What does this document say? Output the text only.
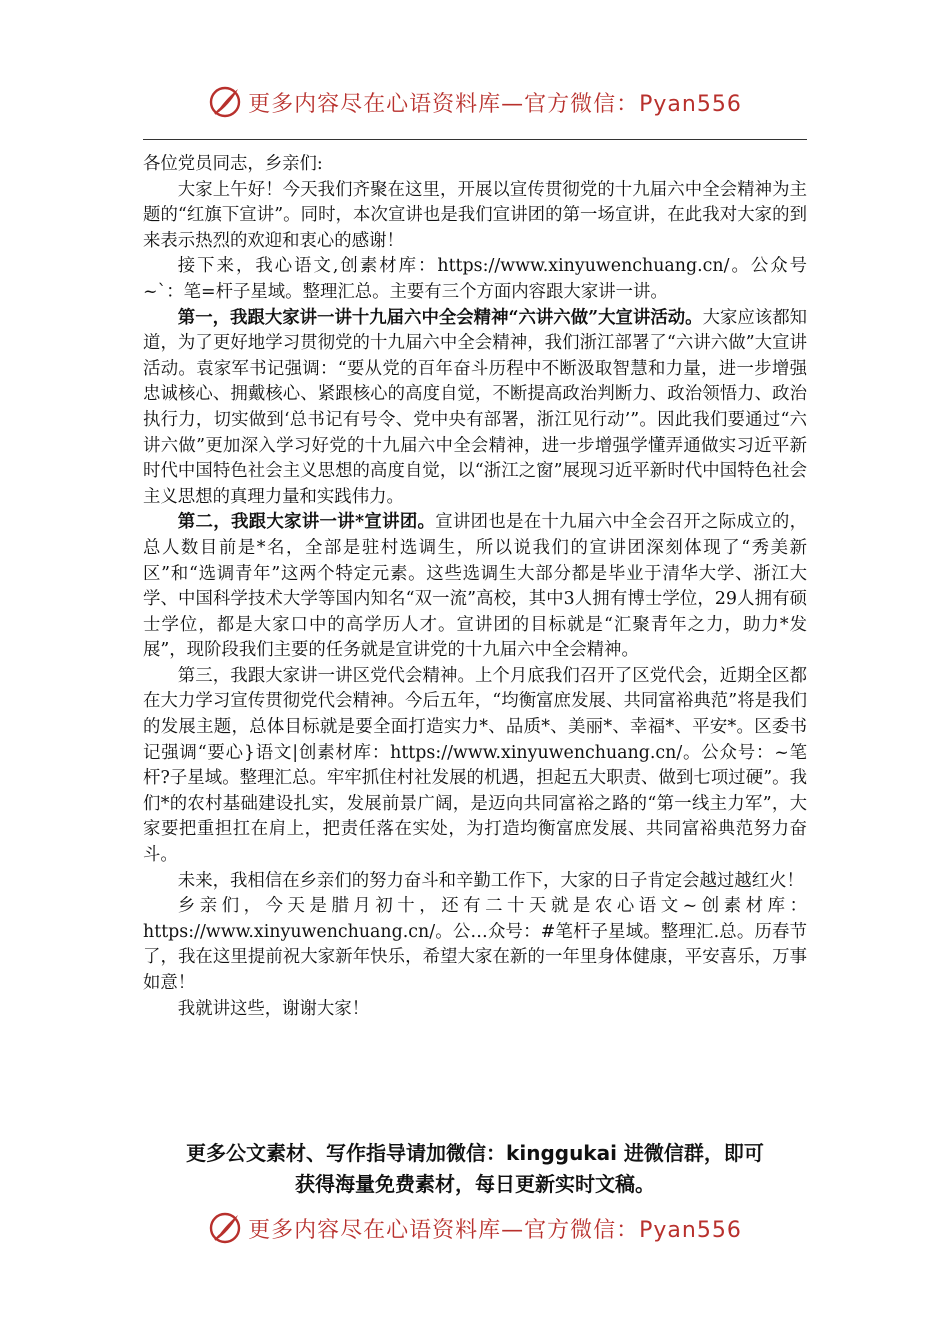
更多内容尽在心语资料库—官方微信：Pyan556

各位党员同志，乡亲们:

大家上午好！今天我们齐聚在这里，开展以宣传贯彻党的十九届六中全会精神为主题的“红旗下宣讲”。同时，本次宣讲也是我们宣讲团的第一场宣讲，在此我对大家的到来表示热烈的欢迎和衷心的感谢！

接下来，我心语文,创素材库：https://www.xinyuwenchuang.cn/。公众号~`：笔=杆子星域。整理汇总。主要有三个方面内容跟大家讲一讲。

第一，我跟大家讲一讲十九届六中全会精神“六讲六做”大宣讲活动。大家应该都知道，为了更好地学习贯彻党的十九届六中全会精神，我们浙江部署了“六讲六做”大宣讲活动。袁家军书记强调：“要从党的百年奋斗历程中不断汲取智慧和力量，进一步增强忠诚核心、拥戴核心、紧跟核心的高度自觉，不断提高政治判断力、政治领悟力、政治执行力，切实做到‘总书记有号令、党中央有部署，浙江见行动’”。因此我们要通过“六讲六做”更加深入学习好党的十九届六中全会精神，进一步增强学懂弄通做实习近平新时代中国特色社会主义思想的高度自觉，以“浙江之窗”展现习近平新时代中国特色社会主义思想的真理力量和实践伟力。

第二，我跟大家讲一讲*宣讲团。宣讲团也是在十九届六中全会召开之际成立的，总人数目前是*名，全部是驻村选调生，所以说我们的宣讲团深刻体现了“秀美新区”和“选调青年”这两个特定元素。这些选调生大部分都是毕业于清华大学、浙江大学、中国科学技术大学等国内知名“双一流”高校，其中3人拥有博士学位，29人拥有硕士学位，都是大家口中的高学历人才。宣讲团的目标就是“汇聚青年之力，助力*发展”，现阶段我们主要的任务就是宣讲党的十九届六中全会精神。

第三，我跟大家讲一讲区党代会精神。上个月底我们召开了区党代会，近期全区都在大力学习宣传贯彻党代会精神。今后五年，“均衡富庶发展、共同富裕典范”将是我们的发展主题，总体目标就是要全面打造实力*、品质*、美丽*、幸福*、平安*。区委书记强调“要心}语文|创素材库：https://www.xinyuwenchuang.cn/。公众号：~笔杆?子星域。整理汇总。牢牢抓住村社发展的机遇，担起五大职责、做到七项过硬”。我们*的农村基础建设扎实，发展前景广阔，是迈向共同富裕之路的“第一线主力军”，大家要把重担扛在肩上，把责任落在实处，为打造均衡富庶发展、共同富裕典范努力奋斗。

未来，我相信在乡亲们的努力奋斗和辛勤工作下，大家的日子肯定会越过越红火！

乡亲们，今天是腊月初十，还有二十天就是农心语文~创素材库：https://www.xinyuwenchuang.cn/。公…众号：#笔杆子星域。整理汇.总。历春节了，我在这里提前祝大家新年快乐，希望大家在新的一年里身体健康，平安喜乐，万事如意！

我就讲这些，谢谢大家！

更多公文素材、写作指导请加微信：kinggukai 进微信群，即可
获得海量免费素材，每日更新实时文稿。
更多内容尽在心语资料库—官方微信：Pyan556
